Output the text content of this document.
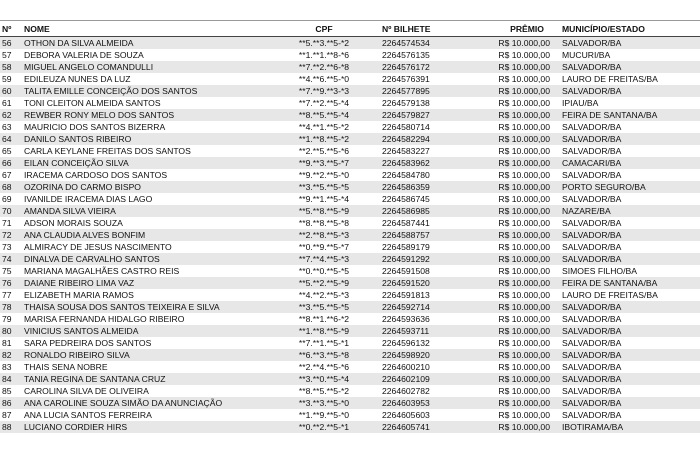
Nº	NOME	CPF	Nº BILHETE	PRÊMIO	MUNICÍPIO/ESTADO
56	OTHON DA SILVA ALMEIDA	**5.**3.**5-*2	2264574534	R$ 10.000,00	SALVADOR/BA
57	DEBORA VALERIA DE SOUZA	**1.**1.**8-*6	2264576135	R$ 10.000,00	MUCURI/BA
58	MIGUEL ANGELO COMANDULLI	**7.**2.**6-*8	2264576172	R$ 10.000,00	SALVADOR/BA
59	EDILEUZA NUNES DA LUZ	**4.**6.**5-*0	2264576391	R$ 10.000,00	LAURO DE FREITAS/BA
60	TALITA EMILLE CONCEIÇÃO DOS SANTOS	**7.**9.**3-*3	2264577895	R$ 10.000,00	SALVADOR/BA
61	TONI CLEITON ALMEIDA SANTOS	**7.**2.**5-*4	2264579138	R$ 10.000,00	IPIAU/BA
62	REWBER RONY MELO DOS SANTOS	**8.**5.**5-*4	2264579827	R$ 10.000,00	FEIRA DE SANTANA/BA
63	MAURICIO DOS SANTOS BIZERRA	**4.**1.**5-*2	2264580714	R$ 10.000,00	SALVADOR/BA
64	DANILO SANTOS RIBEIRO	**1.**8.**5-*2	2264582294	R$ 10.000,00	SALVADOR/BA
65	CARLA KEYLANE FREITAS DOS SANTOS	**2.**5.**5-*6	2264583227	R$ 10.000,00	SALVADOR/BA
66	EILAN CONCEIÇÃO SILVA	**9.**3.**5-*7	2264583962	R$ 10.000,00	CAMACARI/BA
67	IRACEMA CARDOSO DOS SANTOS	**9.**2.**5-*0	2264584780	R$ 10.000,00	SALVADOR/BA
68	OZORINA DO CARMO BISPO	**3.**5.**5-*5	2264586359	R$ 10.000,00	PORTO SEGURO/BA
69	IVANILDE IRACEMA DIAS LAGO	**9.**1.**5-*4	2264586745	R$ 10.000,00	SALVADOR/BA
70	AMANDA SILVA VIEIRA	**5.**8.**5-*9	2264586985	R$ 10.000,00	NAZARE/BA
71	ADSON MORAIS SOUZA	**8.**8.**5-*8	2264587441	R$ 10.000,00	SALVADOR/BA
72	ANA CLAUDIA ALVES BONFIM	**2.**8.**5-*3	2264588757	R$ 10.000,00	SALVADOR/BA
73	ALMIRACY DE JESUS NASCIMENTO	**0.**9.**5-*7	2264589179	R$ 10.000,00	SALVADOR/BA
74	DINALVA DE CARVALHO SANTOS	**7.**4.**5-*3	2264591292	R$ 10.000,00	SALVADOR/BA
75	MARIANA MAGALHÃES CASTRO REIS	**0.**0.**5-*5	2264591508	R$ 10.000,00	SIMOES FILHO/BA
76	DAIANE RIBEIRO LIMA VAZ	**5.**2.**5-*9	2264591520	R$ 10.000,00	FEIRA DE SANTANA/BA
77	ELIZABETH MARIA RAMOS	**4.**2.**5-*3	2264591813	R$ 10.000,00	LAURO DE FREITAS/BA
78	THAISA SOUSA DOS SANTOS TEIXEIRA E SILVA	**3.**5.**5-*5	2264592714	R$ 10.000,00	SALVADOR/BA
79	MARISA FERNANDA HIDALGO RIBEIRO	**8.**1.**6-*2	2264593636	R$ 10.000,00	SALVADOR/BA
80	VINICIUS SANTOS ALMEIDA	**1.**8.**5-*9	2264593711	R$ 10.000,00	SALVADOR/BA
81	SARA PEDREIRA DOS SANTOS	**7.**1.**5-*1	2264596132	R$ 10.000,00	SALVADOR/BA
82	RONALDO RIBEIRO SILVA	**6.**3.**5-*8	2264598920	R$ 10.000,00	SALVADOR/BA
83	THAIS SENA NOBRE	**2.**4.**5-*6	2264600210	R$ 10.000,00	SALVADOR/BA
84	TANIA REGINA DE SANTANA CRUZ	**3.**0.**5-*4	2264602109	R$ 10.000,00	SALVADOR/BA
85	CAROLINA SILVA DE OLIVEIRA	**8.**5.**5-*2	2264602782	R$ 10.000,00	SALVADOR/BA
86	ANA CAROLINE SOUZA SIMÃO DA ANUNCIAÇÃO	**3.**3.**5-*0	2264603953	R$ 10.000,00	SALVADOR/BA
87	ANA LUCIA SANTOS FERREIRA	**1.**9.**5-*0	2264605603	R$ 10.000,00	SALVADOR/BA
88	LUCIANO CORDIER HIRS	**0.**2.**5-*1	2264605741	R$ 10.000,00	IBOTIRAMA/BA
